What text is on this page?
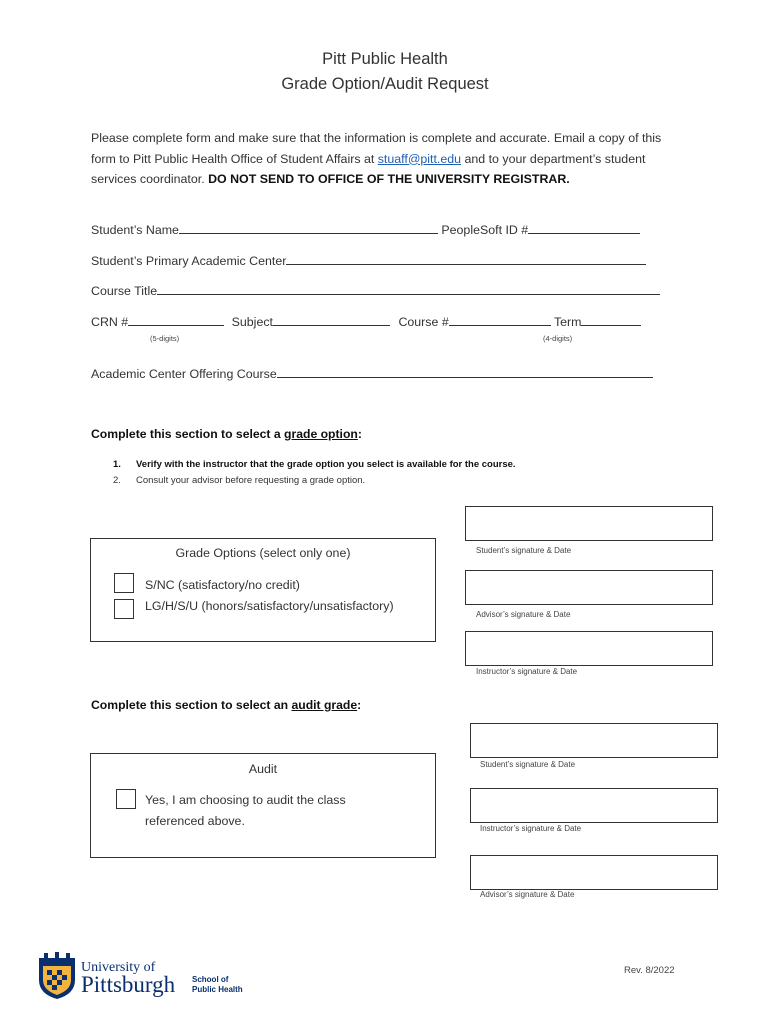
Pitt Public Health
Grade Option/Audit Request
Please complete form and make sure that the information is complete and accurate. Email a copy of this form to Pitt Public Health Office of Student Affairs at stuaff@pitt.edu and to your department’s student services coordinator. DO NOT SEND TO OFFICE OF THE UNIVERSITY REGISTRAR.
Student’s Name	PeopleSoft ID #
Student’s Primary Academic Center
Course Title
CRN #	Subject	Course #	Term
(5-digits)	(4-digits)
Academic Center Offering Course
Complete this section to select a grade option:
1. Verify with the instructor that the grade option you select is available for the course.
2. Consult your advisor before requesting a grade option.
Grade Options (select only one)
S/NC (satisfactory/no credit)
LG/H/S/U (honors/satisfactory/unsatisfactory)
Student’s signature & Date
Advisor’s signature & Date
Instructor’s signature & Date
Complete this section to select an audit grade:
Audit
Yes, I am choosing to audit the class
referenced above.
Student’s signature & Date
Instructor’s signature & Date
Advisor’s signature & Date
University of
Pittsburgh School of
Public Health
Rev. 8/2022
